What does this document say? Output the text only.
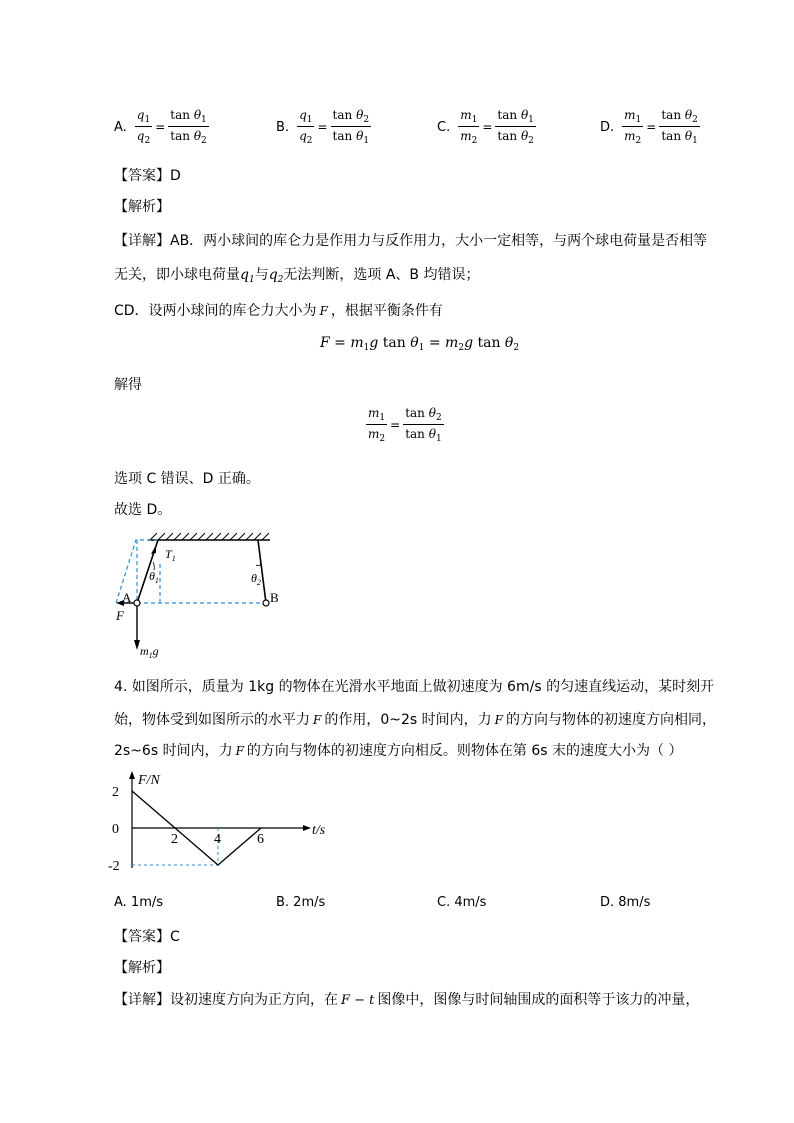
A. $\frac{q_1}{q_2} = \frac{\tan \theta_1}{\tan \theta_2}$	B. $\frac{q_1}{q_2} = \frac{\tan \theta_2}{\tan \theta_1}$	C. $\frac{m_1}{m_2} = \frac{\tan \theta_1}{\tan \theta_2}$	D. $\frac{m_1}{m_2} = \frac{\tan \theta_2}{\tan \theta_1}$
【答案】D
【解析】
【详解】AB．两小球间的库仑力是作用力与反作用力，大小一定相等，与两个球电荷量是否相等
无关，即小球电荷量$q_1$与$q_2$无法判断，选项 A、B 均错误；
CD．设两小球间的库仑力大小为 F ，根据平衡条件有
$F = m_1g$ $\tan \theta_1 = m_2g$ $\tan \theta_2$
解得
$\frac{m_1}{m_2} = \frac{\tan \theta_2}{\tan \theta_1}$
选项 C 错误、D 正确。
故选 D。
$T_1$
$\theta_1$	$\theta_2$
A	B
F
$m_1g$
4. 如图所示，质量为 1kg 的物体在光滑水平地面上做初速度为 6m/s 的匀速直线运动，某时刻开
始，物体受到如图所示的水平力 F 的作用，0~2s 时间内，力 F 的方向与物体的初速度方向相同，
2s~6s 时间内，力 F 的方向与物体的初速度方向相反。则物体在第 6s 末的速度大小为（ ）
F/N
t/s
2
0
-2
2	4	6
A. 1m/s	B. 2m/s	C. 4m/s	D. 8m/s
【答案】C
【解析】
【详解】设初速度方向为正方向，在 F − t 图像中，图像与时间轴围成的面积等于该力的冲量，
